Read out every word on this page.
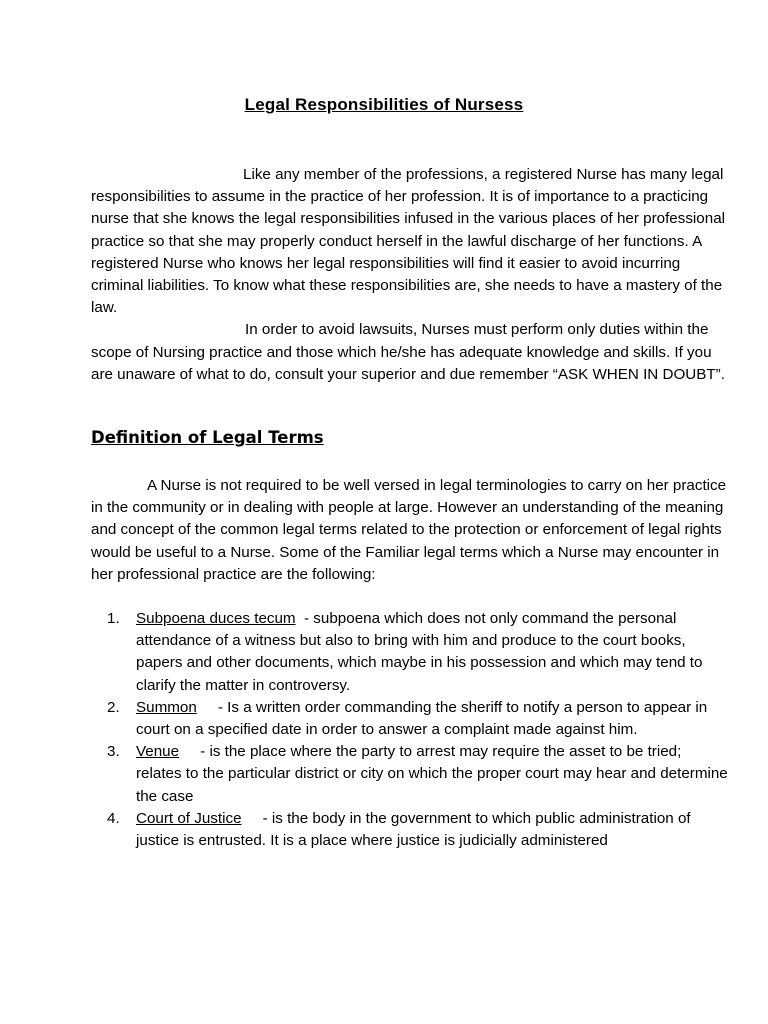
Legal Responsibilities of Nursess

Like any member of the professions, a registered Nurse has many legal responsibilities to assume in the practice of her profession. It is of importance to a practicing nurse that she knows the legal responsibilities infused in the various places of her professional practice so that she may properly conduct herself in the lawful discharge of her functions. A registered Nurse who knows her legal responsibilities will find it easier to avoid incurring criminal liabilities. To know what these responsibilities are, she needs to have a mastery of the law.

In order to avoid lawsuits, Nurses must perform only duties within the scope of Nursing practice and those which he/she has adequate knowledge and skills. If you are unaware of what to do, consult your superior and due remember “ASK WHEN IN DOUBT”.

Definition of Legal Terms

A Nurse is not required to be well versed in legal terminologies to carry on her practice in the community or in dealing with people at large. However an understanding of the meaning and concept of the common legal terms related to the protection or enforcement of legal rights would be useful to a Nurse. Some of the Familiar legal terms which a Nurse may encounter in her professional practice are the following:

1. Subpoena duces tecum  - subpoena which does not only command the personal attendance of a witness but also to bring with him and produce to the court books, papers and other documents, which maybe in his possession and which may tend to clarify the matter in controversy.
2. Summon     - Is a written order commanding the sheriff to notify a person to appear in court on a specified date in order to answer a complaint made against him.
3. Venue     - is the place where the party to arrest may require the asset to be tried; relates to the particular district or city on which the proper court may hear and determine the case
4. Court of Justice     - is the body in the government to which public administration of justice is entrusted. It is a place where justice is judicially administered
